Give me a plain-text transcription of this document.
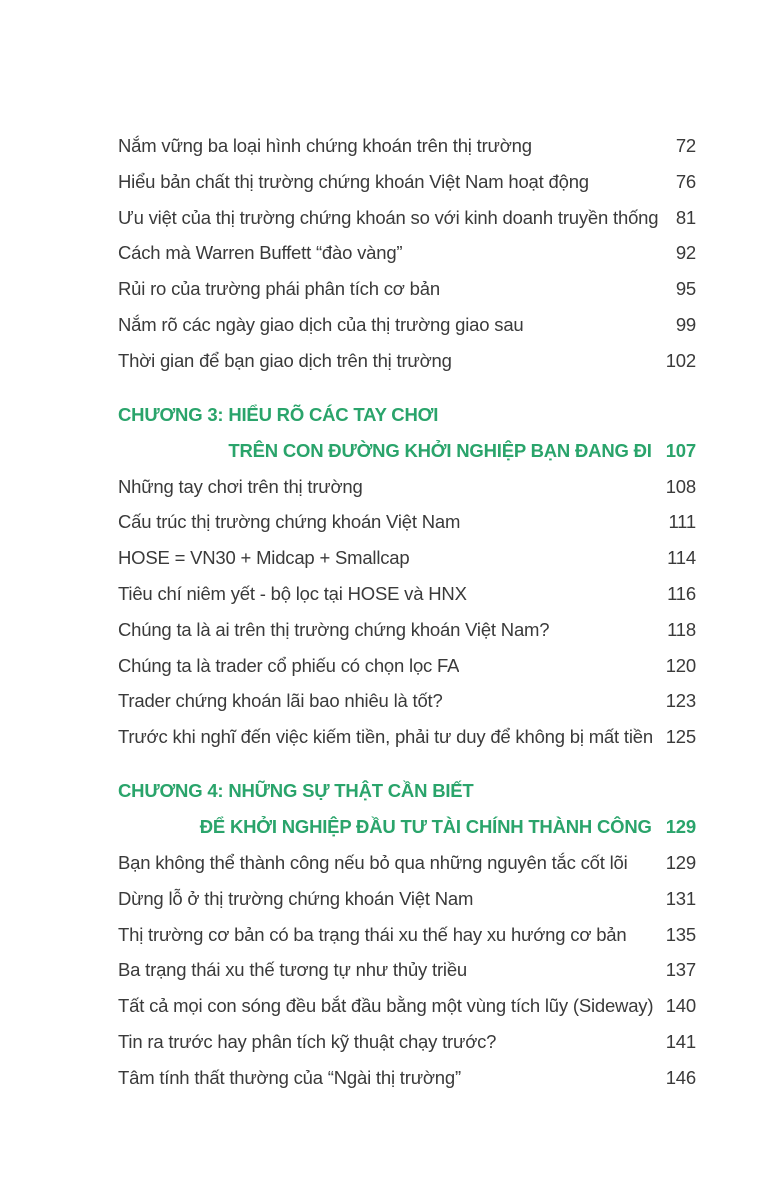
Nắm vững ba loại hình chứng khoán trên thị trường	72
Hiểu bản chất thị trường chứng khoán Việt Nam hoạt động	76
Ưu việt của thị trường chứng khoán so với kinh doanh truyền thống 81
Cách mà Warren Buffett “đào vàng”	92
Rủi ro của trường phái phân tích cơ bản	95
Nắm rõ các ngày giao dịch của thị trường giao sau	99
Thời gian để bạn giao dịch trên thị trường	102
CHƯƠNG 3: HIỂU RÕ CÁC TAY CHƠI
TRÊN CON ĐƯỜNG KHỞI NGHIỆP BẠN ĐANG ĐI 107
Những tay chơi trên thị trường	108
Cấu trúc thị trường chứng khoán Việt Nam	111
HOSE = VN30 + Midcap + Smallcap	114
Tiêu chí niêm yết - bộ lọc tại HOSE và HNX	116
Chúng ta là ai trên thị trường chứng khoán Việt Nam?	118
Chúng ta là trader cổ phiếu có chọn lọc FA	120
Trader chứng khoán lãi bao nhiêu là tốt?	123
Trước khi nghĩ đến việc kiếm tiền, phải tư duy để không bị mất tiền 125
CHƯƠNG 4: NHỮNG SỰ THẬT CẦN BIẾT
ĐỂ KHỞI NGHIỆP ĐẦU TƯ TÀI CHÍNH THÀNH CÔNG 129
Bạn không thể thành công nếu bỏ qua những nguyên tắc cốt lõi	129
Dừng lỗ ở thị trường chứng khoán Việt Nam	131
Thị trường cơ bản có ba trạng thái xu thế hay xu hướng cơ bản	135
Ba trạng thái xu thế tương tự như thủy triều	137
Tất cả mọi con sóng đều bắt đầu bằng một vùng tích lũy (Sideway) 140
Tin ra trước hay phân tích kỹ thuật chạy trước?	141
Tâm tính thất thường của “Ngài thị trường”	146
